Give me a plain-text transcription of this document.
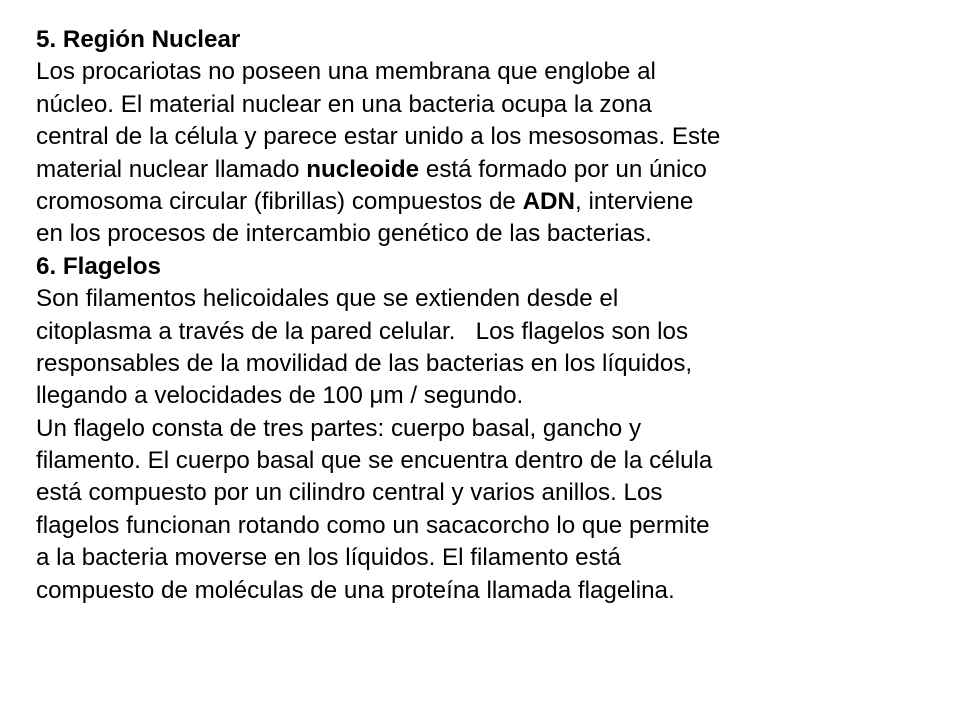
5. Región Nuclear
Los procariotas no poseen una membrana que englobe al
núcleo. El material nuclear en una bacteria ocupa la zona
central de la célula y parece estar unido a los mesosomas. Este
material nuclear llamado nucleoide está formado por un único
cromosoma circular (fibrillas) compuestos de ADN, interviene
en los procesos de intercambio genético de las bacterias.
6. Flagelos
Son filamentos helicoidales que se extienden desde el
citoplasma a través de la pared celular.   Los flagelos son los
responsables de la movilidad de las bacterias en los líquidos,
llegando a velocidades de 100 μm / segundo.
Un flagelo consta de tres partes: cuerpo basal, gancho y
filamento. El cuerpo basal que se encuentra dentro de la célula
está compuesto por un cilindro central y varios anillos. Los
flagelos funcionan rotando como un sacacorcho lo que permite
a la bacteria moverse en los líquidos. El filamento está
compuesto de moléculas de una proteína llamada flagelina.
